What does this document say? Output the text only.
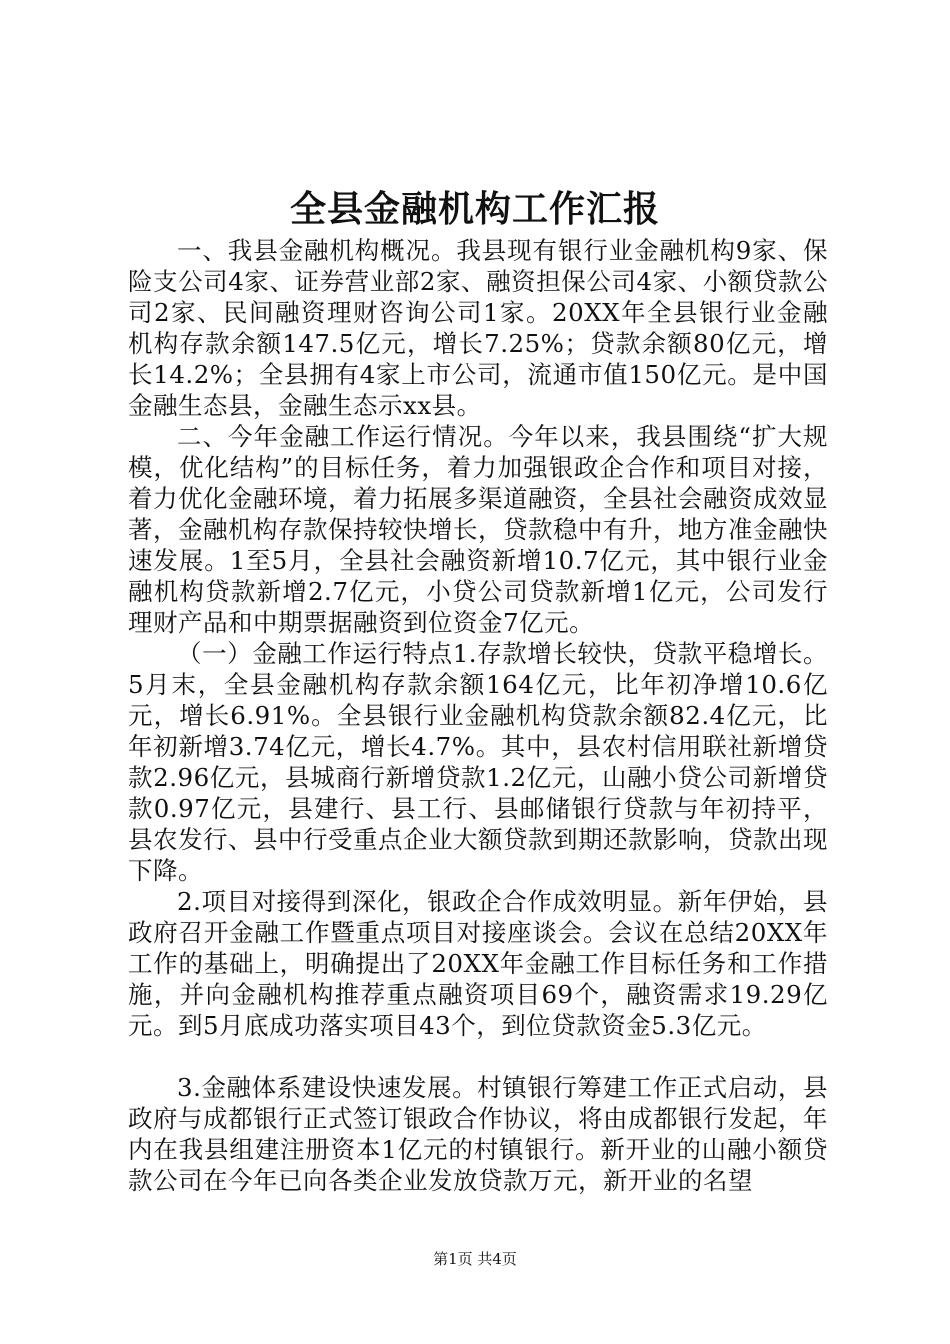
全县金融机构工作汇报

一、我县金融机构概况。我县现有银行业金融机构9家、保险支公司4家、证券营业部2家、融资担保公司4家、小额贷款公司2家、民间融资理财咨询公司1家。20XX年全县银行业金融机构存款余额147.5亿元，增长7.25%；贷款余额80亿元，增长14.2%；全县拥有4家上市公司，流通市值150亿元。是中国金融生态县，金融生态示xx县。

二、今年金融工作运行情况。今年以来，我县围绕“扩大规模，优化结构”的目标任务，着力加强银政企合作和项目对接，着力优化金融环境，着力拓展多渠道融资，全县社会融资成效显著，金融机构存款保持较快增长，贷款稳中有升，地方准金融快速发展。1至5月，全县社会融资新增10.7亿元，其中银行业金融机构贷款新增2.7亿元，小贷公司贷款新增1亿元，公司发行理财产品和中期票据融资到位资金7亿元。

（一）金融工作运行特点1.存款增长较快，贷款平稳增长。5月末，全县金融机构存款余额164亿元，比年初净增10.6亿元，增长6.91%。全县银行业金融机构贷款余额82.4亿元，比年初新增3.74亿元，增长4.7%。其中，县农村信用联社新增贷款2.96亿元，县城商行新增贷款1.2亿元，山融小贷公司新增贷款0.97亿元，县建行、县工行、县邮储银行贷款与年初持平，县农发行、县中行受重点企业大额贷款到期还款影响，贷款出现下降。

2.项目对接得到深化，银政企合作成效明显。新年伊始，县政府召开金融工作暨重点项目对接座谈会。会议在总结20XX年工作的基础上，明确提出了20XX年金融工作目标任务和工作措施，并向金融机构推荐重点融资项目69个，融资需求19.29亿元。到5月底成功落实项目43个，到位贷款资金5.3亿元。

3.金融体系建设快速发展。村镇银行筹建工作正式启动，县政府与成都银行正式签订银政合作协议，将由成都银行发起，年内在我县组建注册资本1亿元的村镇银行。新开业的山融小额贷款公司在今年已向各类企业发放贷款万元，新开业的名望

第1页 共4页
